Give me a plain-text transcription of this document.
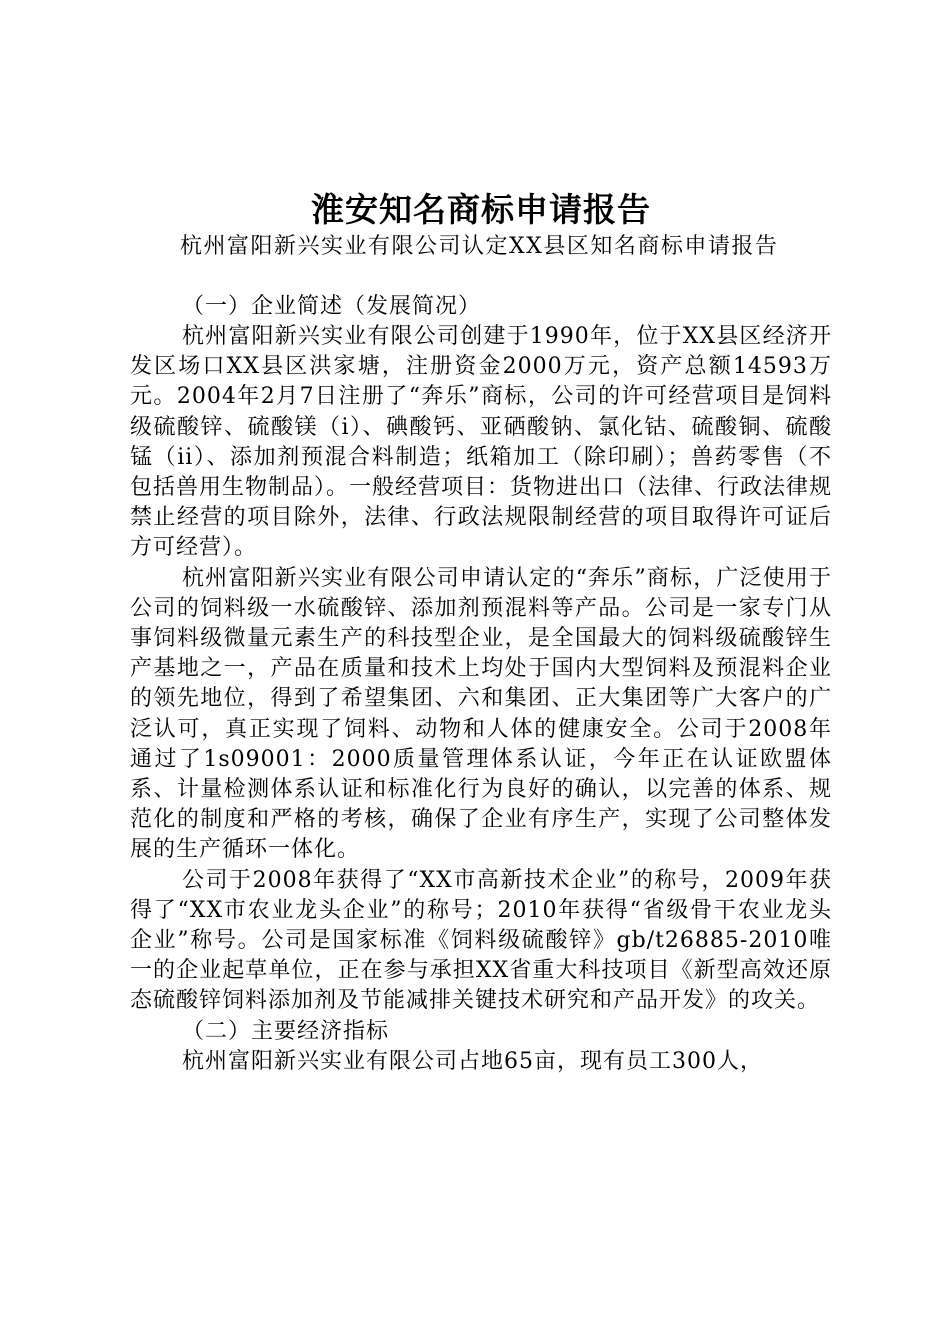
淮安知名商标申请报告

杭州富阳新兴实业有限公司认定XX县区知名商标申请报告

（一）企业简述（发展简况）

杭州富阳新兴实业有限公司创建于1990年，位于XX县区经济开发区场口XX县区洪家塘，注册资金2000万元，资产总额14593万元。2004年2月7日注册了“奔乐”商标，公司的许可经营项目是饲料级硫酸锌、硫酸镁（i）、碘酸钙、亚硒酸钠、氯化钴、硫酸铜、硫酸锰（ii）、添加剂预混合料制造；纸箱加工（除印刷）；兽药零售（不包括兽用生物制品）。一般经营项目：货物进出口（法律、行政法律规禁止经营的项目除外，法律、行政法规限制经营的项目取得许可证后方可经营）。

杭州富阳新兴实业有限公司申请认定的“奔乐”商标，广泛使用于公司的饲料级一水硫酸锌、添加剂预混料等产品。公司是一家专门从事饲料级微量元素生产的科技型企业，是全国最大的饲料级硫酸锌生产基地之一，产品在质量和技术上均处于国内大型饲料及预混料企业的领先地位，得到了希望集团、六和集团、正大集团等广大客户的广泛认可，真正实现了饲料、动物和人体的健康安全。公司于2008年通过了1s09001：2000质量管理体系认证，今年正在认证欧盟体系、计量检测体系认证和标准化行为良好的确认，以完善的体系、规范化的制度和严格的考核，确保了企业有序生产，实现了公司整体发展的生产循环一体化。

公司于2008年获得了“XX市高新技术企业”的称号，2009年获得了“XX市农业龙头企业”的称号；2010年获得“省级骨干农业龙头企业”称号。公司是国家标准《饲料级硫酸锌》gb/t26885-2010唯一的企业起草单位，正在参与承担XX省重大科技项目《新型高效还原态硫酸锌饲料添加剂及节能减排关键技术研究和产品开发》的攻关。

（二）主要经济指标

杭州富阳新兴实业有限公司占地65亩，现有员工300人，
